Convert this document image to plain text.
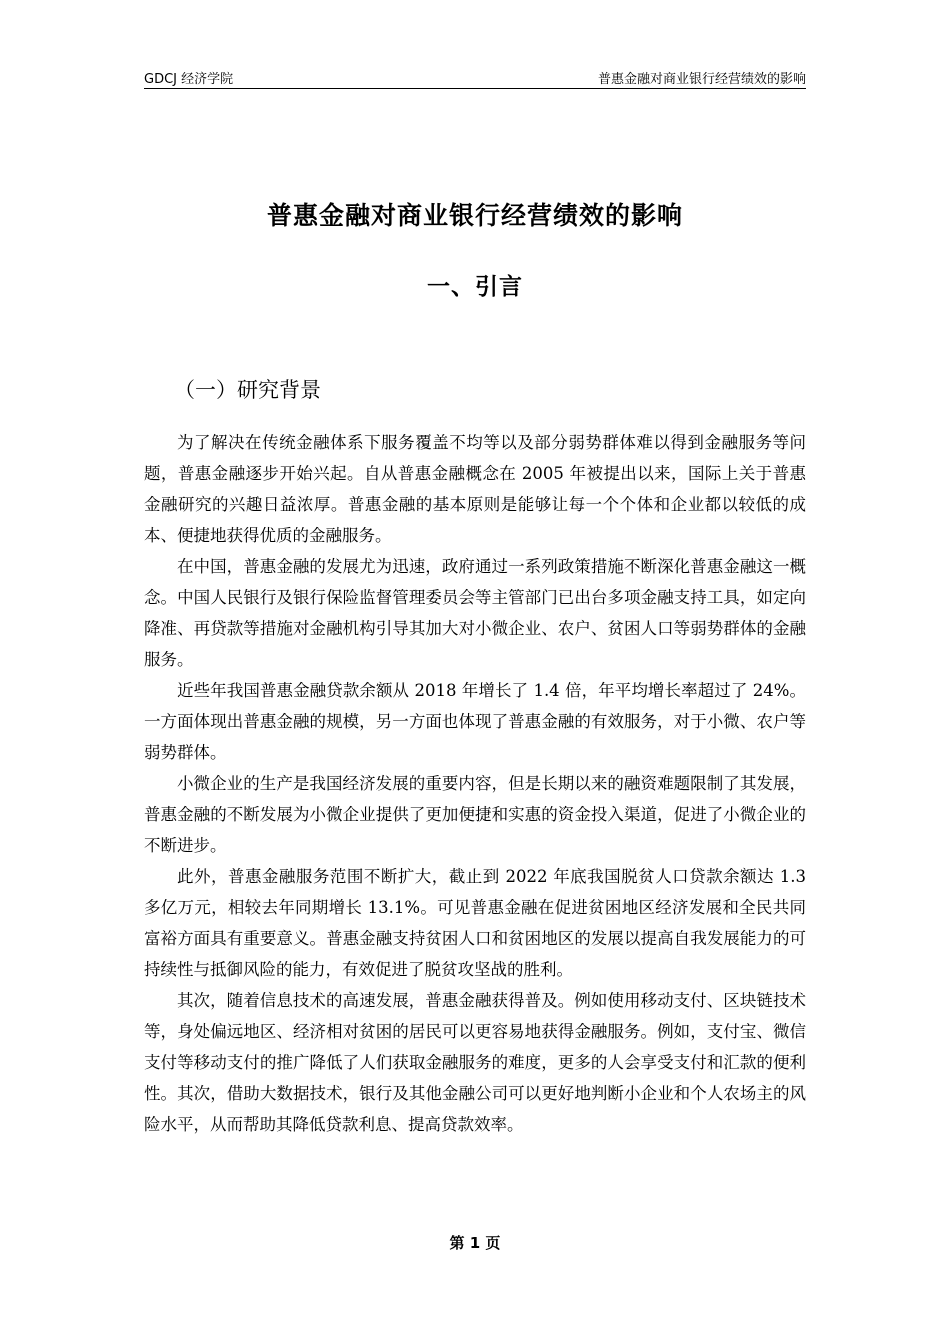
GDCJ 经济学院	普惠金融对商业银行经营绩效的影响
普惠金融对商业银行经营绩效的影响
一、引言
（一）研究背景

为了解决在传统金融体系下服务覆盖不均等以及部分弱势群体难以得到金融服务等问题，普惠金融逐步开始兴起。自从普惠金融概念在 2005 年被提出以来，国际上关于普惠金融研究的兴趣日益浓厚。普惠金融的基本原则是能够让每一个个体和企业都以较低的成本、便捷地获得优质的金融服务。

在中国，普惠金融的发展尤为迅速，政府通过一系列政策措施不断深化普惠金融这一概念。中国人民银行及银行保险监督管理委员会等主管部门已出台多项金融支持工具，如定向降准、再贷款等措施对金融机构引导其加大对小微企业、农户、贫困人口等弱势群体的金融服务。

近些年我国普惠金融贷款余额从 2018 年增长了 1.4 倍，年平均增长率超过了 24%。一方面体现出普惠金融的规模，另一方面也体现了普惠金融的有效服务，对于小微、农户等弱势群体。

小微企业的生产是我国经济发展的重要内容，但是长期以来的融资难题限制了其发展，普惠金融的不断发展为小微企业提供了更加便捷和实惠的资金投入渠道，促进了小微企业的不断进步。

此外，普惠金融服务范围不断扩大，截止到 2022 年底我国脱贫人口贷款余额达 1.3 多亿万元，相较去年同期增长 13.1%。可见普惠金融在促进贫困地区经济发展和全民共同富裕方面具有重要意义。普惠金融支持贫困人口和贫困地区的发展以提高自我发展能力的可持续性与抵御风险的能力，有效促进了脱贫攻坚战的胜利。

其次，随着信息技术的高速发展，普惠金融获得普及。例如使用移动支付、区块链技术等，身处偏远地区、经济相对贫困的居民可以更容易地获得金融服务。例如，支付宝、微信支付等移动支付的推广降低了人们获取金融服务的难度，更多的人会享受支付和汇款的便利性。其次，借助大数据技术，银行及其他金融公司可以更好地判断小企业和个人农场主的风险水平，从而帮助其降低贷款利息、提高贷款效率。

第 1 页
